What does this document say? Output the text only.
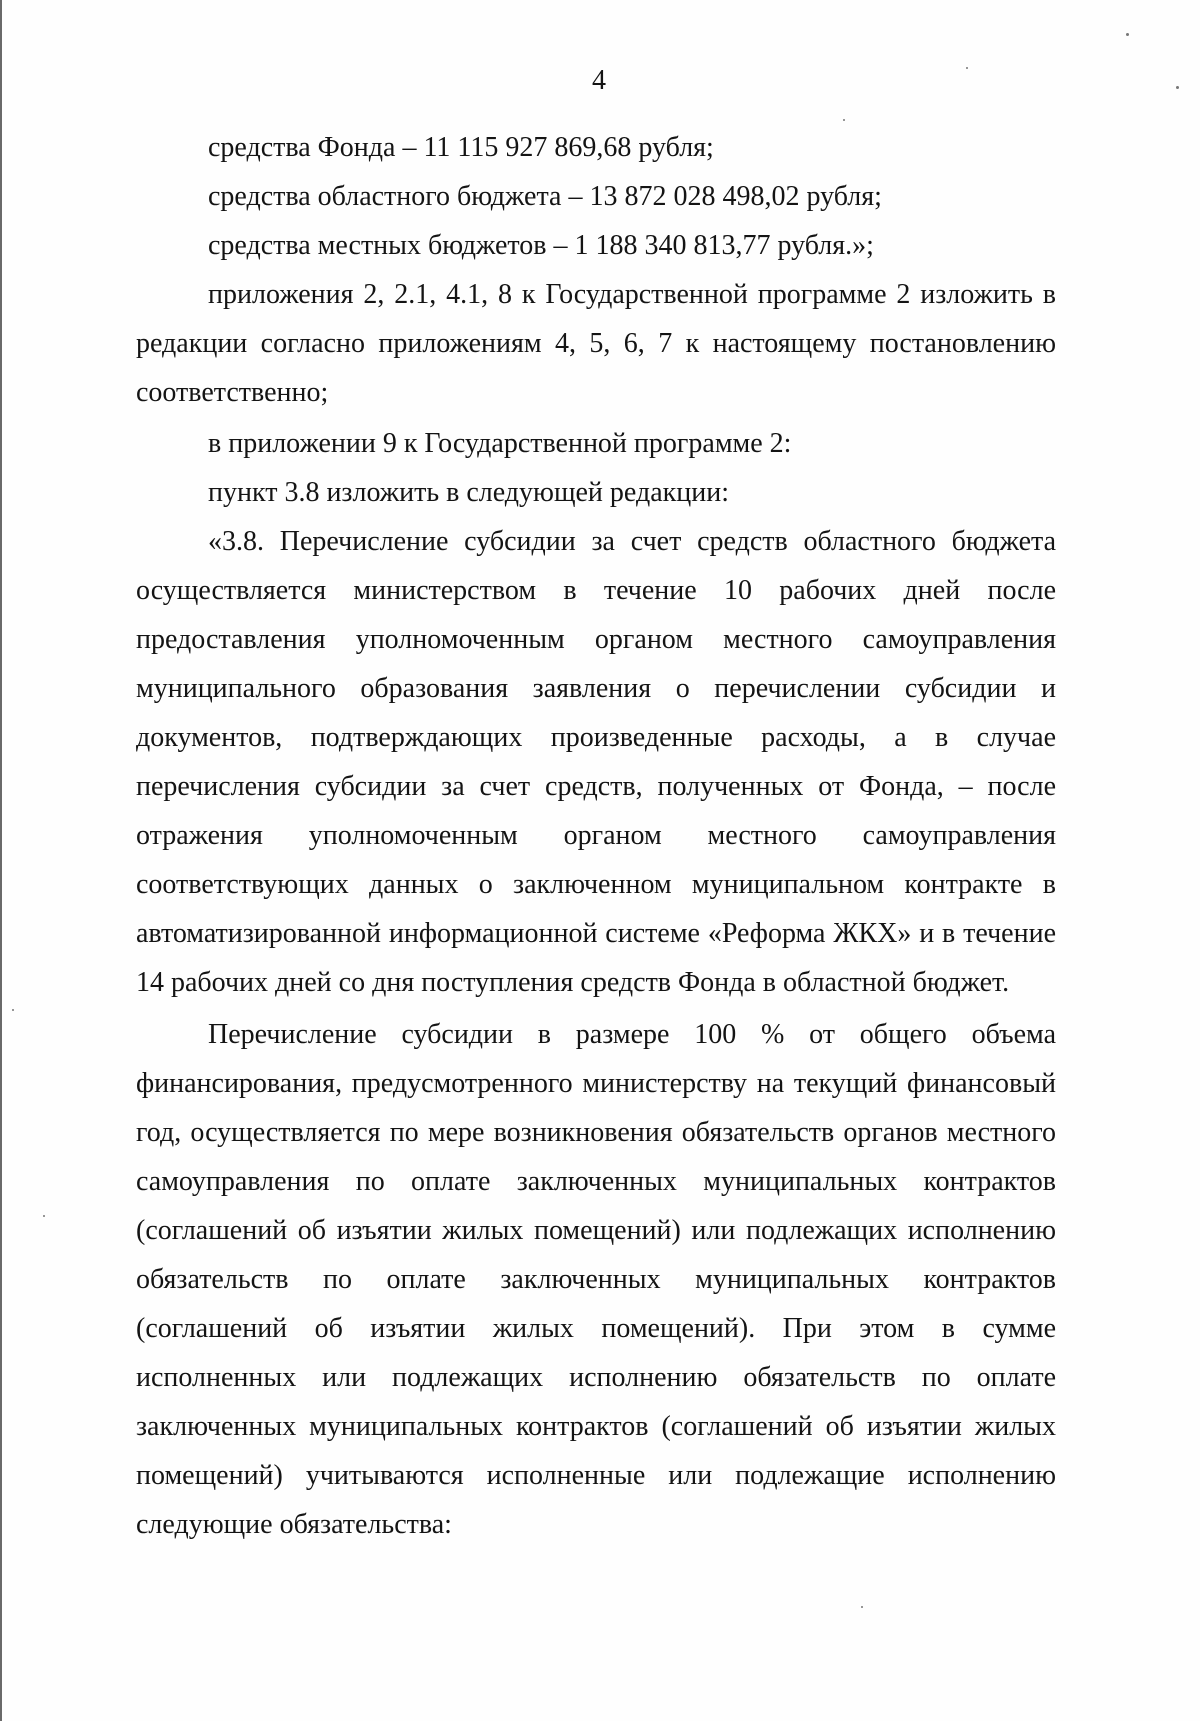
4

средства Фонда – 11 115 927 869,68 рубля;

средства областного бюджета – 13 872 028 498,02 рубля;

средства местных бюджетов – 1 188 340 813,77 рубля.»;

приложения 2, 2.1, 4.1, 8 к Государственной программе 2 изложить в редакции согласно приложениям 4, 5, 6, 7 к настоящему постановлению соответственно;

в приложении 9 к Государственной программе 2:

пункт 3.8 изложить в следующей редакции:

«3.8. Перечисление субсидии за счет средств областного бюджета осуществляется министерством в течение 10 рабочих дней после предоставления уполномоченным органом местного самоуправления муниципального образования заявления о перечислении субсидии и документов, подтверждающих произведенные расходы, а в случае перечисления субсидии за счет средств, полученных от Фонда, – после отражения уполномоченным органом местного самоуправления соответствующих данных о заключенном муниципальном контракте в автоматизированной информационной системе «Реформа ЖКХ» и в течение 14 рабочих дней со дня поступления средств Фонда в областной бюджет.

Перечисление субсидии в размере 100 % от общего объема финансирования, предусмотренного министерству на текущий финансовый год, осуществляется по мере возникновения обязательств органов местного самоуправления по оплате заключенных муниципальных контрактов (соглашений об изъятии жилых помещений) или подлежащих исполнению обязательств по оплате заключенных муниципальных контрактов (соглашений об изъятии жилых помещений). При этом в сумме исполненных или подлежащих исполнению обязательств по оплате заключенных муниципальных контрактов (соглашений об изъятии жилых помещений) учитываются исполненные или подлежащие исполнению следующие обязательства:
